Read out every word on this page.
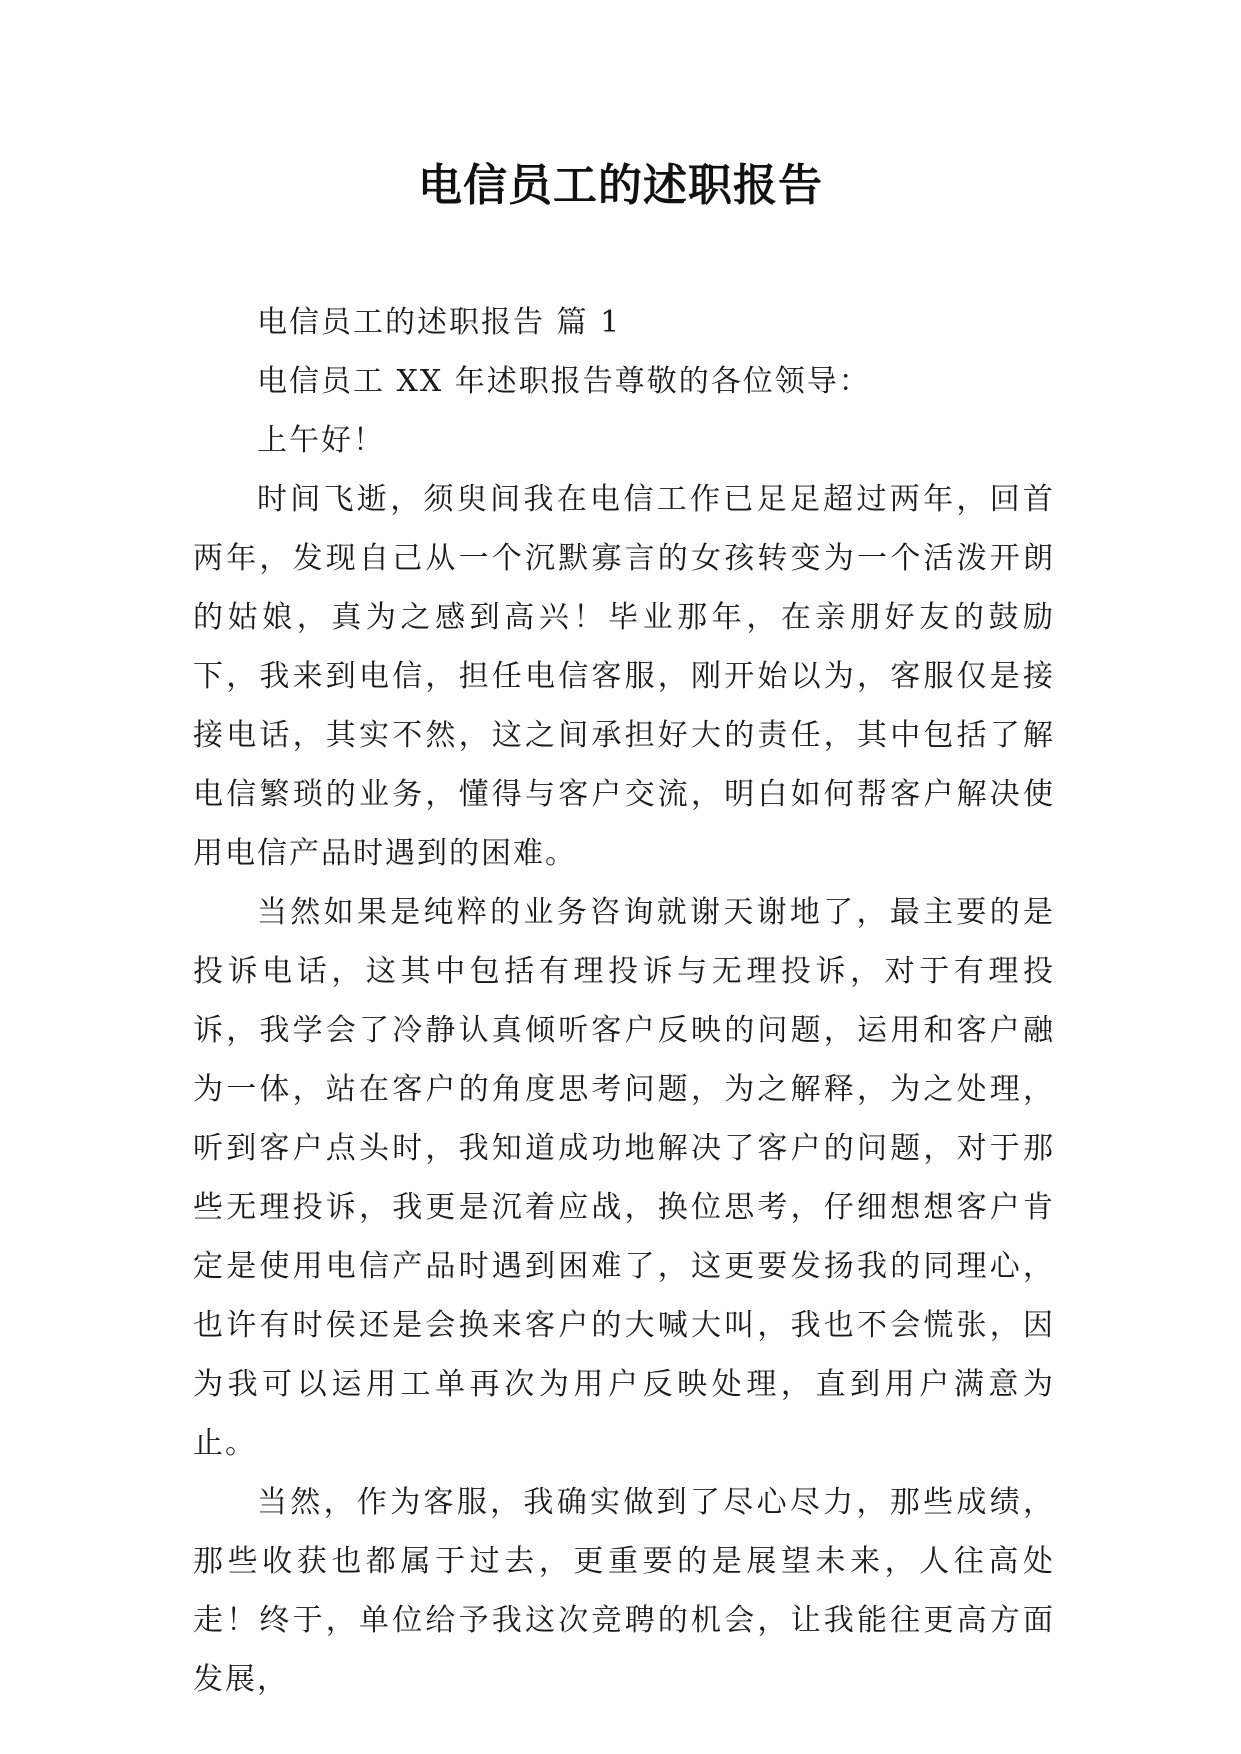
电信员工的述职报告

电信员工的述职报告 篇 1

电信员工 XX 年述职报告尊敬的各位领导：

上午好！

时间飞逝，须臾间我在电信工作已足足超过两年，回首两年，发现自己从一个沉默寡言的女孩转变为一个活泼开朗的姑娘，真为之感到高兴！毕业那年，在亲朋好友的鼓励下，我来到电信，担任电信客服，刚开始以为，客服仅是接接电话，其实不然，这之间承担好大的责任，其中包括了解电信繁琐的业务，懂得与客户交流，明白如何帮客户解决使用电信产品时遇到的困难。

当然如果是纯粹的业务咨询就谢天谢地了，最主要的是投诉电话，这其中包括有理投诉与无理投诉，对于有理投诉，我学会了冷静认真倾听客户反映的问题，运用和客户融为一体，站在客户的角度思考问题，为之解释，为之处理，听到客户点头时，我知道成功地解决了客户的问题，对于那些无理投诉，我更是沉着应战，换位思考，仔细想想客户肯定是使用电信产品时遇到困难了，这更要发扬我的同理心，也许有时侯还是会换来客户的大喊大叫，我也不会慌张，因为我可以运用工单再次为用户反映处理，直到用户满意为止。

当然，作为客服，我确实做到了尽心尽力，那些成绩，那些收获也都属于过去，更重要的是展望未来，人往高处走！终于，单位给予我这次竞聘的机会，让我能往更高方面发展，
